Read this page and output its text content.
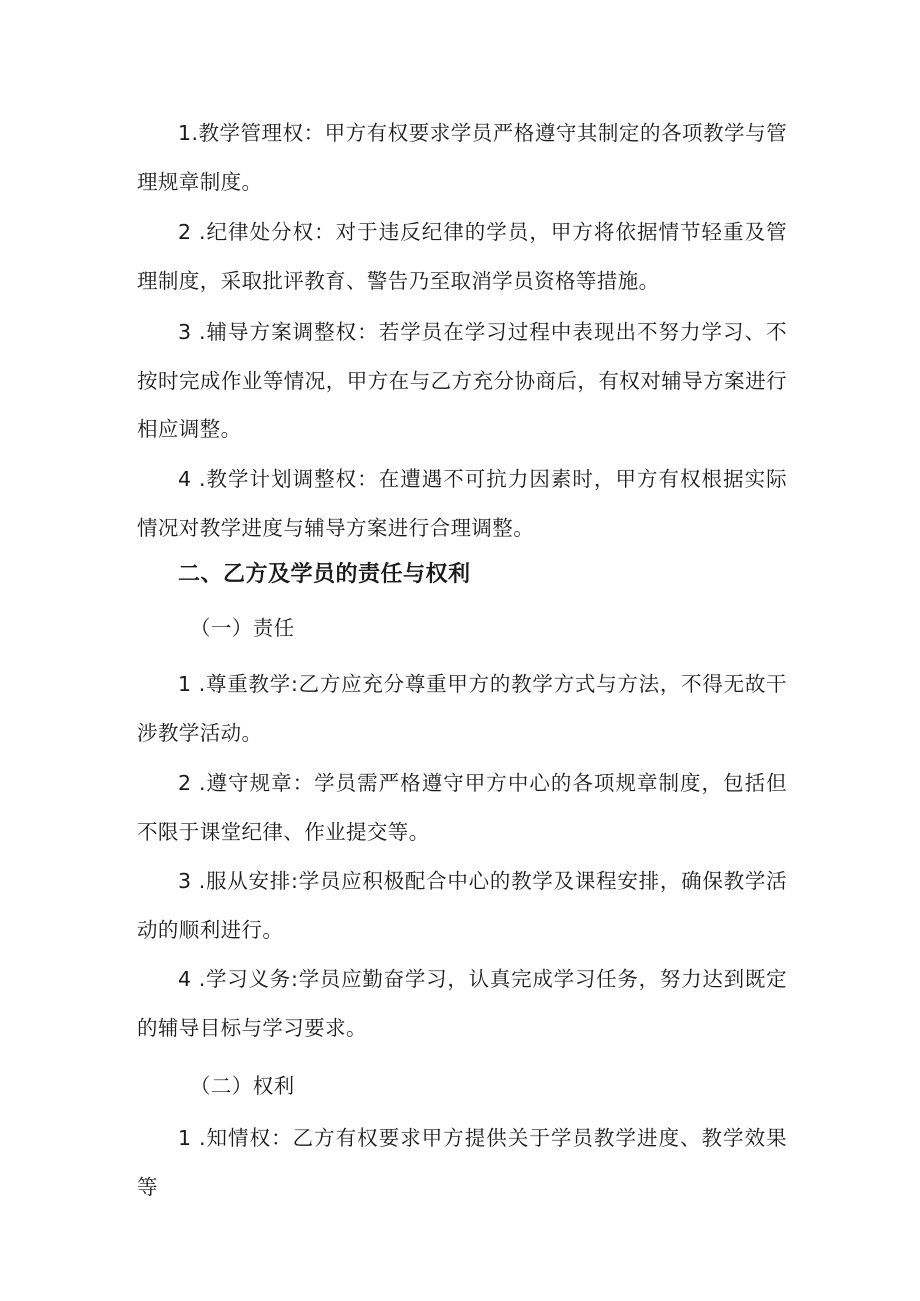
1.教学管理权：甲方有权要求学员严格遵守其制定的各项教学与管理规章制度。

2 .纪律处分权：对于违反纪律的学员，甲方将依据情节轻重及管理制度，采取批评教育、警告乃至取消学员资格等措施。

3 .辅导方案调整权：若学员在学习过程中表现出不努力学习、不按时完成作业等情况，甲方在与乙方充分协商后，有权对辅导方案进行相应调整。

4 .教学计划调整权：在遭遇不可抗力因素时，甲方有权根据实际情况对教学进度与辅导方案进行合理调整。

二、乙方及学员的责任与权利

（一）责任

1 .尊重教学:乙方应充分尊重甲方的教学方式与方法，不得无故干涉教学活动。

2 .遵守规章：学员需严格遵守甲方中心的各项规章制度，包括但不限于课堂纪律、作业提交等。

3 .服从安排:学员应积极配合中心的教学及课程安排，确保教学活动的顺利进行。

4 .学习义务:学员应勤奋学习，认真完成学习任务，努力达到既定的辅导目标与学习要求。

（二）权利

1 .知情权：乙方有权要求甲方提供关于学员教学进度、教学效果等
